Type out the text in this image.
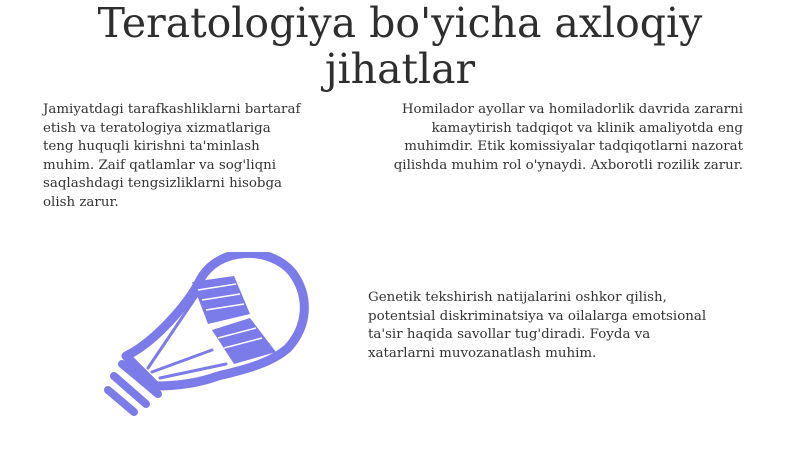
Teratologiya bo'yicha axloqiy jihatlar

Jamiyatdagi tarafkashliklarni bartaraf etish va teratologiya xizmatlariga teng huquqli kirishni ta'minlash muhim. Zaif qatlamlar va sog'liqni saqlashdagi tengsizliklarni hisobga olish zarur.

Homilador ayollar va homiladorlik davrida zararni kamaytirish tadqiqot va klinik amaliyotda eng muhimdir. Etik komissiyalar tadqiqotlarni nazorat qilishda muhim rol o'ynaydi. Axborotli rozilik zarur.

Genetik tekshirish natijalarini oshkor qilish, potentsial diskriminatsiya va oilalarga emotsional ta'sir haqida savollar tug'diradi. Foyda va xatarlarni muvozanatlash muhim.
